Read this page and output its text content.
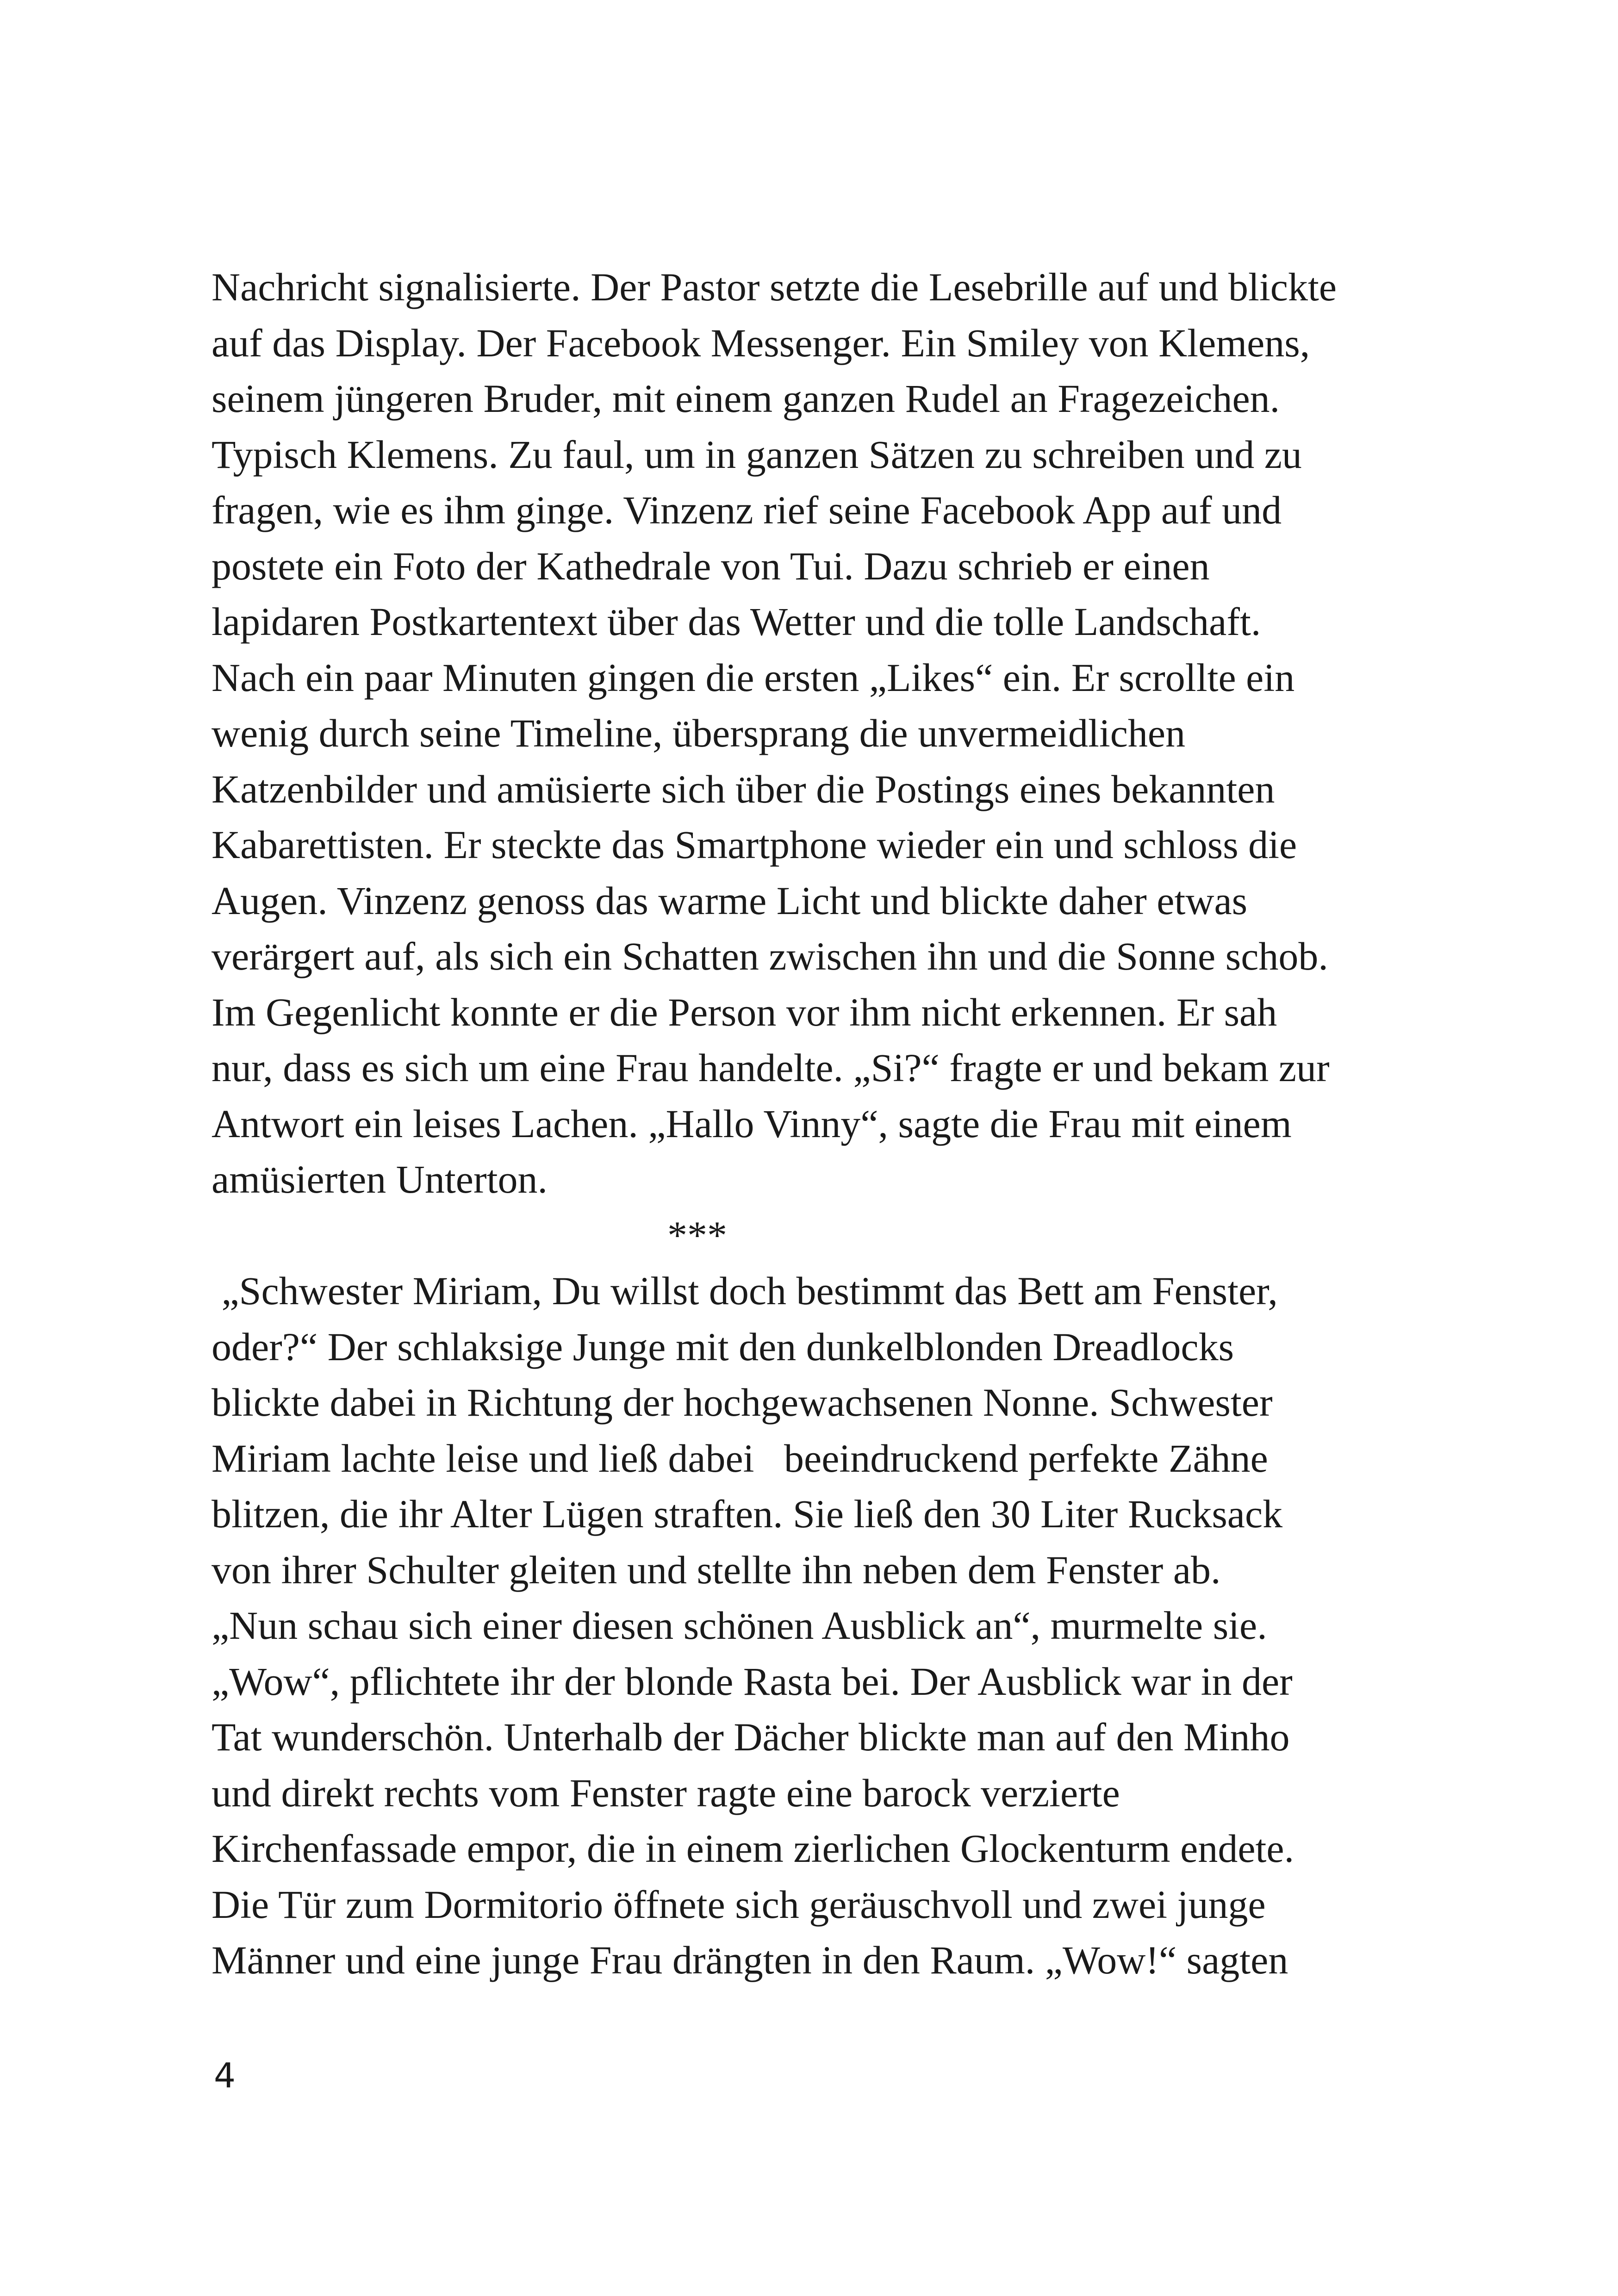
Nachricht signalisierte. Der Pastor setzte die Lesebrille auf und blickte
auf das Display. Der Facebook Messenger. Ein Smiley von Klemens,
seinem jüngeren Bruder, mit einem ganzen Rudel an Fragezeichen.
Typisch Klemens. Zu faul, um in ganzen Sätzen zu schreiben und zu
fragen, wie es ihm ginge. Vinzenz rief seine Facebook App auf und
postete ein Foto der Kathedrale von Tui. Dazu schrieb er einen
lapidaren Postkartentext über das Wetter und die tolle Landschaft.
Nach ein paar Minuten gingen die ersten „Likes“ ein. Er scrollte ein
wenig durch seine Timeline, übersprang die unvermeidlichen
Katzenbilder und amüsierte sich über die Postings eines bekannten
Kabarettisten. Er steckte das Smartphone wieder ein und schloss die
Augen. Vinzenz genoss das warme Licht und blickte daher etwas
verärgert auf, als sich ein Schatten zwischen ihn und die Sonne schob.
Im Gegenlicht konnte er die Person vor ihm nicht erkennen. Er sah
nur, dass es sich um eine Frau handelte. „Si?“ fragte er und bekam zur
Antwort ein leises Lachen. „Hallo Vinny“, sagte die Frau mit einem
amüsierten Unterton.
***
„Schwester Miriam, Du willst doch bestimmt das Bett am Fenster,
oder?“ Der schlaksige Junge mit den dunkelblonden Dreadlocks
blickte dabei in Richtung der hochgewachsenen Nonne. Schwester
Miriam lachte leise und ließ dabei   beeindruckend perfekte Zähne
blitzen, die ihr Alter Lügen straften. Sie ließ den 30 Liter Rucksack
von ihrer Schulter gleiten und stellte ihn neben dem Fenster ab.
„Nun schau sich einer diesen schönen Ausblick an“, murmelte sie.
„Wow“, pflichtete ihr der blonde Rasta bei. Der Ausblick war in der
Tat wunderschön. Unterhalb der Dächer blickte man auf den Minho
und direkt rechts vom Fenster ragte eine barock verzierte
Kirchenfassade empor, die in einem zierlichen Glockenturm endete.
Die Tür zum Dormitorio öffnete sich geräuschvoll und zwei junge
Männer und eine junge Frau drängten in den Raum. „Wow!“ sagten
4
